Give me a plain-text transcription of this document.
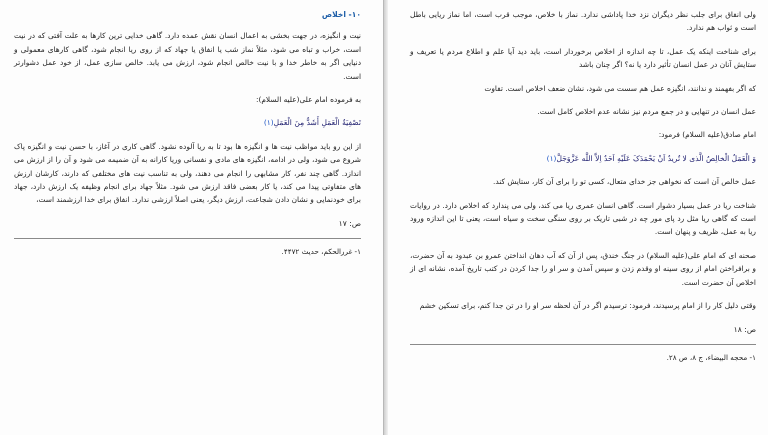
۱۰- اخلاص

نیت و انگیزه، در جهت بخشی به اعمال انسان نقش عمده دارد. گاهی خدایی ترین کارها به علت آفتی که در نیت است، خراب و تباه می شود، مثلاً نماز شب یا انفاق یا جهاد که از روی ریا انجام شود، گاهی کارهای معمولی و دنیایی اگر به خاطر خدا و با نیت خالص انجام شود، ارزش می یابد. خالص سازی عمل، از خود عمل دشوارتر است.

به فرموده امام علی(علیه السلام):

تَصْفِیَةُ الْعَمَلِ أَشَدُّ مِنَ الْعَمَلِ(۱)

از این رو باید مواظب نیت ها و انگیزه ها بود تا به ریا آلوده نشود. گاهی کاری در آغاز، با حسن نیت و انگیزه پاک شروع می شود، ولی در ادامه، انگیزه های مادی و نفسانی وریا کارانه به آن ضمیمه می شود و آن را از ارزش می اندازد. گاهی چند نفر، کار مشابهی را انجام می دهند، ولی به تناسب نیت های مختلفی که دارند، کارشان ارزش های متفاوتی پیدا می کند، یا کار بعضی فاقد ارزش می شود. مثلاً جهاد برای انجام وظیفه یک ارزش دارد، جهاد برای خودنمایی و نشان دادن شجاعت، ارزش دیگر، یعنی اصلاً ارزشی ندارد. انفاق برای خدا ارزشمند است،

ص: ۱۷
۱- غررالحکم، حدیث ۴۴۷۲.

ولی انفاق برای جلب نظر دیگران نزد خدا پاداشی ندارد. نماز با خلاص، موجب قرب است، اما نماز ریایی باطل است و ثواب هم ندارد.

برای شناخت اینکه یک عمل، تا چه اندازه از اخلاص برخوردار است، باید دید آیا علم و اطلاع مردم یا تعریف و ستایش آنان در عمل انسان تأثیر دارد یا نه؟ اگر چنان باشد

که اگر بفهمند و ندانند، انگیزه عمل هم سست می شود، نشان ضعف اخلاص است. تفاوت

عمل انسان در تنهایی و در جمع مردم نیز نشانه عدم اخلاص کامل است.

امام صادق(علیه السلام) فرمود:

وَ الْعَمَلُ الْخالِصُ الَّذی لا تُریدُ اَنْ یَحْمَدَکَ عَلَیْهِ اَحَدٌ اِلاَّ اللَّه عَزَّوَجَلَّ(۱)

عمل خالص آن است که نخواهی جز خدای متعال، کسی تو را برای آن کار، ستایش کند.

شناخت ریا در عمل بسیار دشوار است. گاهی انسان عمری ریا می کند، ولی می پندارد که اخلاص دارد. در روایات است که گاهی ریا مثل رد پای مور چه در شبی تاریک بر روی سنگی سخت و سیاه است، یعنی تا این اندازه ورود ریا به عمل، ظریف و پنهان است.

صحنه ای که امام علی(علیه السلام) در جنگ خندق، پس از آن که آب دهان انداختن عمرو بن عبدود به آن حضرت، و برافراختن امام از روی سینه او وقدم زدن و سپس آمدن و سر او را جدا کردن در کتب تاریخ آمده، نشانه ای از اخلاص آن حضرت است.

وقتی دلیل کار را از امام پرسیدند، فرمود: ترسیدم اگر در آن لحظه سر او را در تن جدا کنم، برای تسکین خشم

ص: ۱۸
۱- محجه البیضاء، ج ۸، ص ۲۸.
